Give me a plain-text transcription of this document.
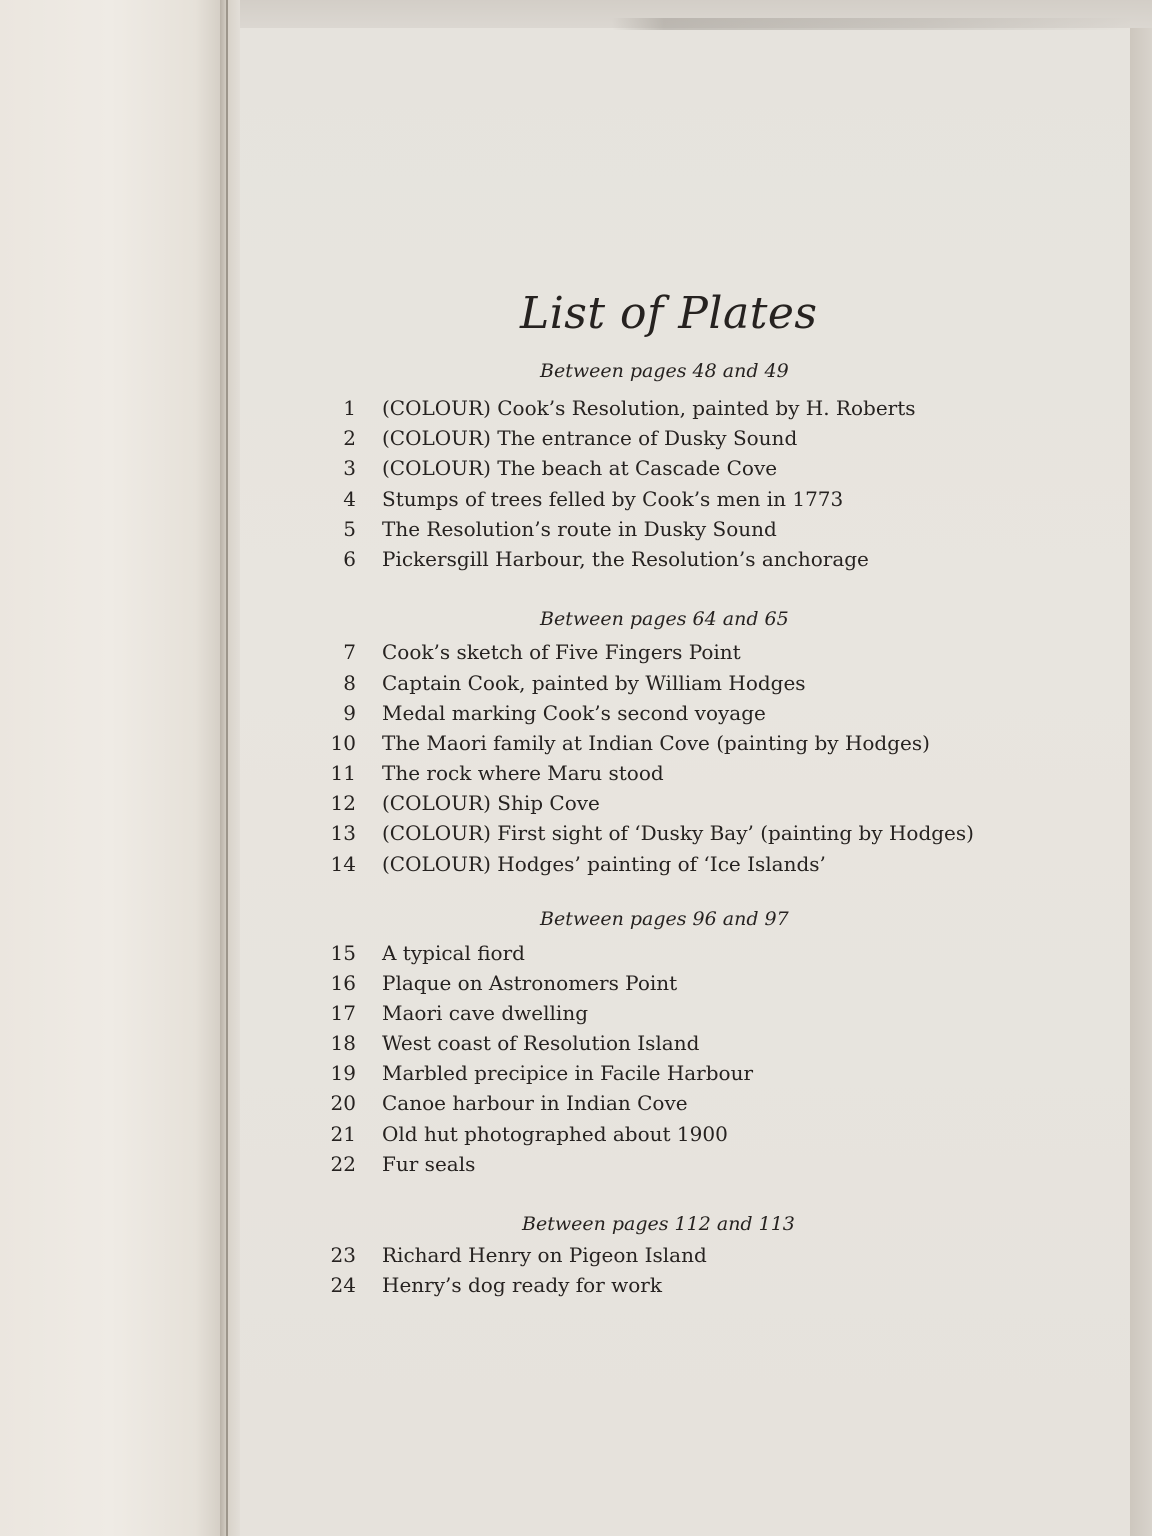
List of Plates
Between pages 48 and 49
1 (COLOUR) Cook’s Resolution, painted by H. Roberts
2 (COLOUR) The entrance of Dusky Sound
3 (COLOUR) The beach at Cascade Cove
4 Stumps of trees felled by Cook’s men in 1773
5 The Resolution’s route in Dusky Sound
6 Pickersgill Harbour, the Resolution’s anchorage
Between pages 64 and 65
7 Cook’s sketch of Five Fingers Point
8 Captain Cook, painted by William Hodges
9 Medal marking Cook’s second voyage
10 The Maori family at Indian Cove (painting by Hodges)
11 The rock where Maru stood
12 (COLOUR) Ship Cove
13 (COLOUR) First sight of ‘Dusky Bay’ (painting by Hodges)
14 (COLOUR) Hodges’ painting of ‘Ice Islands’
Between pages 96 and 97
15 A typical fiord
16 Plaque on Astronomers Point
17 Maori cave dwelling
18 West coast of Resolution Island
19 Marbled precipice in Facile Harbour
20 Canoe harbour in Indian Cove
21 Old hut photographed about 1900
22 Fur seals
Between pages 112 and 113
23 Richard Henry on Pigeon Island
24 Henry’s dog ready for work
